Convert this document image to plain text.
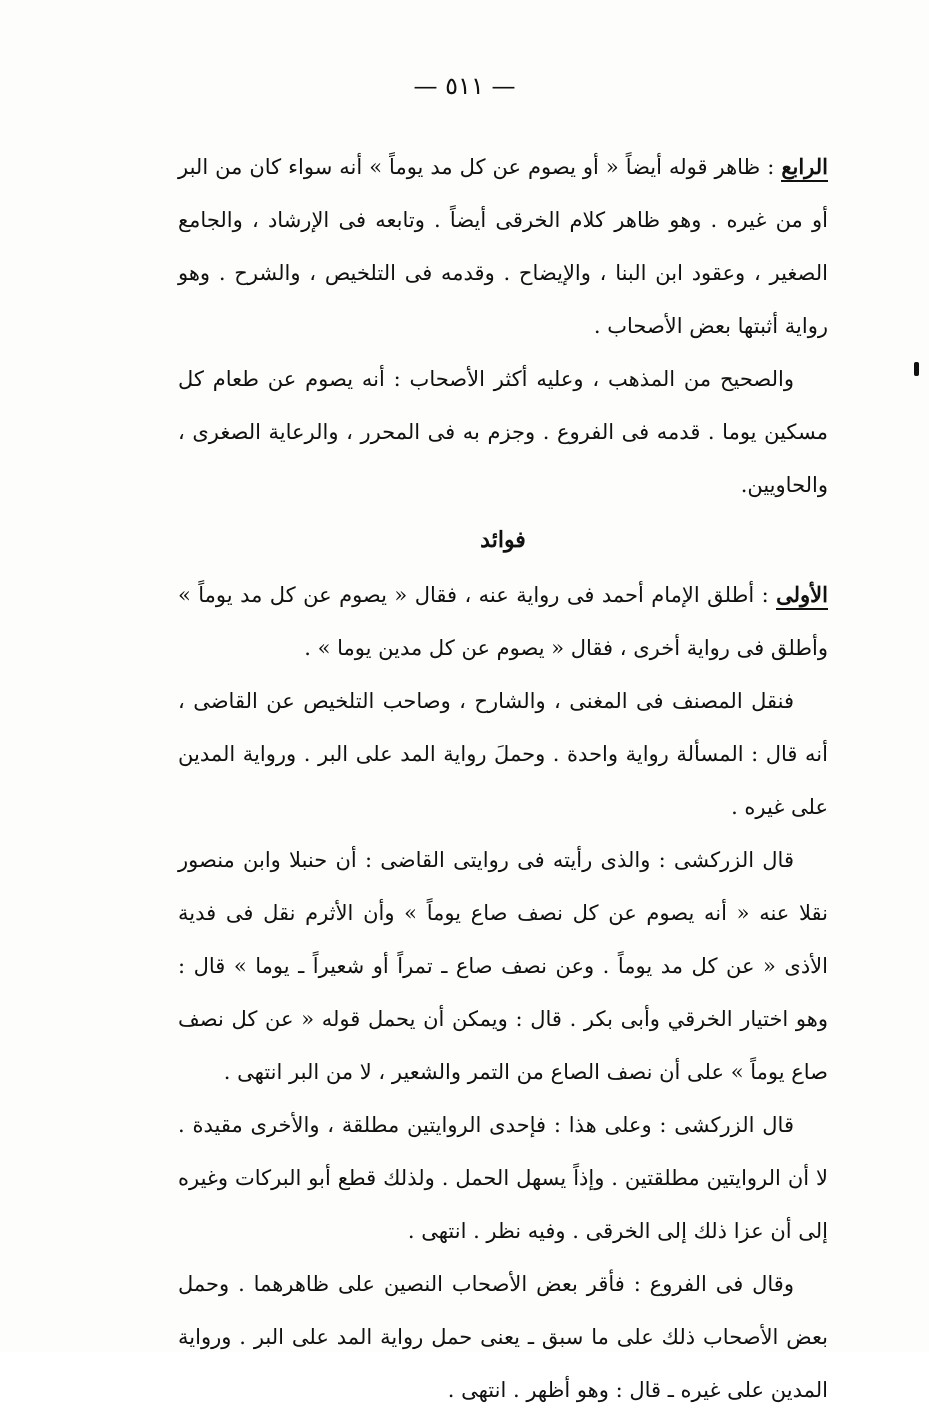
— ٥١١ —

الرابع : ظاهر قوله أيضاً « أو يصوم عن كل مد يوماً » أنه سواء كان من البر أو من غيره . وهو ظاهر كلام الخرقى أيضاً . وتابعه فى الإرشاد ، والجامع الصغير ، وعقود ابن البنا ، والإيضاح . وقدمه فى التلخيص ، والشرح . وهو رواية أثبتها بعض الأصحاب .

والصحيح من المذهب ، وعليه أكثر الأصحاب : أنه يصوم عن طعام كل مسكين يوما . قدمه فى الفروع . وجزم به فى المحرر ، والرعاية الصغرى ، والحاويين.

فوائد

الأولى : أطلق الإمام أحمد فى رواية عنه ، فقال « يصوم عن كل مد يوماً » وأطلق فى رواية أخرى ، فقال « يصوم عن كل مدين يوما » .

فنقل المصنف فى المغنى ، والشارح ، وصاحب التلخيص عن القاضى ، أنه قال : المسألة رواية واحدة . وحملَ رواية المد على البر . ورواية المدين على غيره .

قال الزركشى : والذى رأيته فى روايتى القاضى : أن حنبلا وابن منصور نقلا عنه « أنه يصوم عن كل نصف صاع يوماً » وأن الأثرم نقل فى فدية الأذى « عن كل مد يوماً . وعن نصف صاع ـ تمراً أو شعيراً ـ يوما » قال : وهو اختيار الخرقي وأبى بكر . قال : ويمكن أن يحمل قوله « عن كل نصف صاع يوماً » على أن نصف الصاع من التمر والشعير ، لا من البر انتهى .

قال الزركشى : وعلى هذا : فإحدى الروايتين مطلقة ، والأخرى مقيدة . لا أن الروايتين مطلقتين . وإذاً يسهل الحمل . ولذلك قطع أبو البركات وغيره إلى أن عزا ذلك إلى الخرقى . وفيه نظر . انتهى .

وقال فى الفروع : فأقر بعض الأصحاب النصين على ظاهرهما . وحمل بعض الأصحاب ذلك على ما سبق ـ يعنى حمل رواية المد على البر . ورواية المدين على غيره ـ قال : وهو أظهر . انتهى .
